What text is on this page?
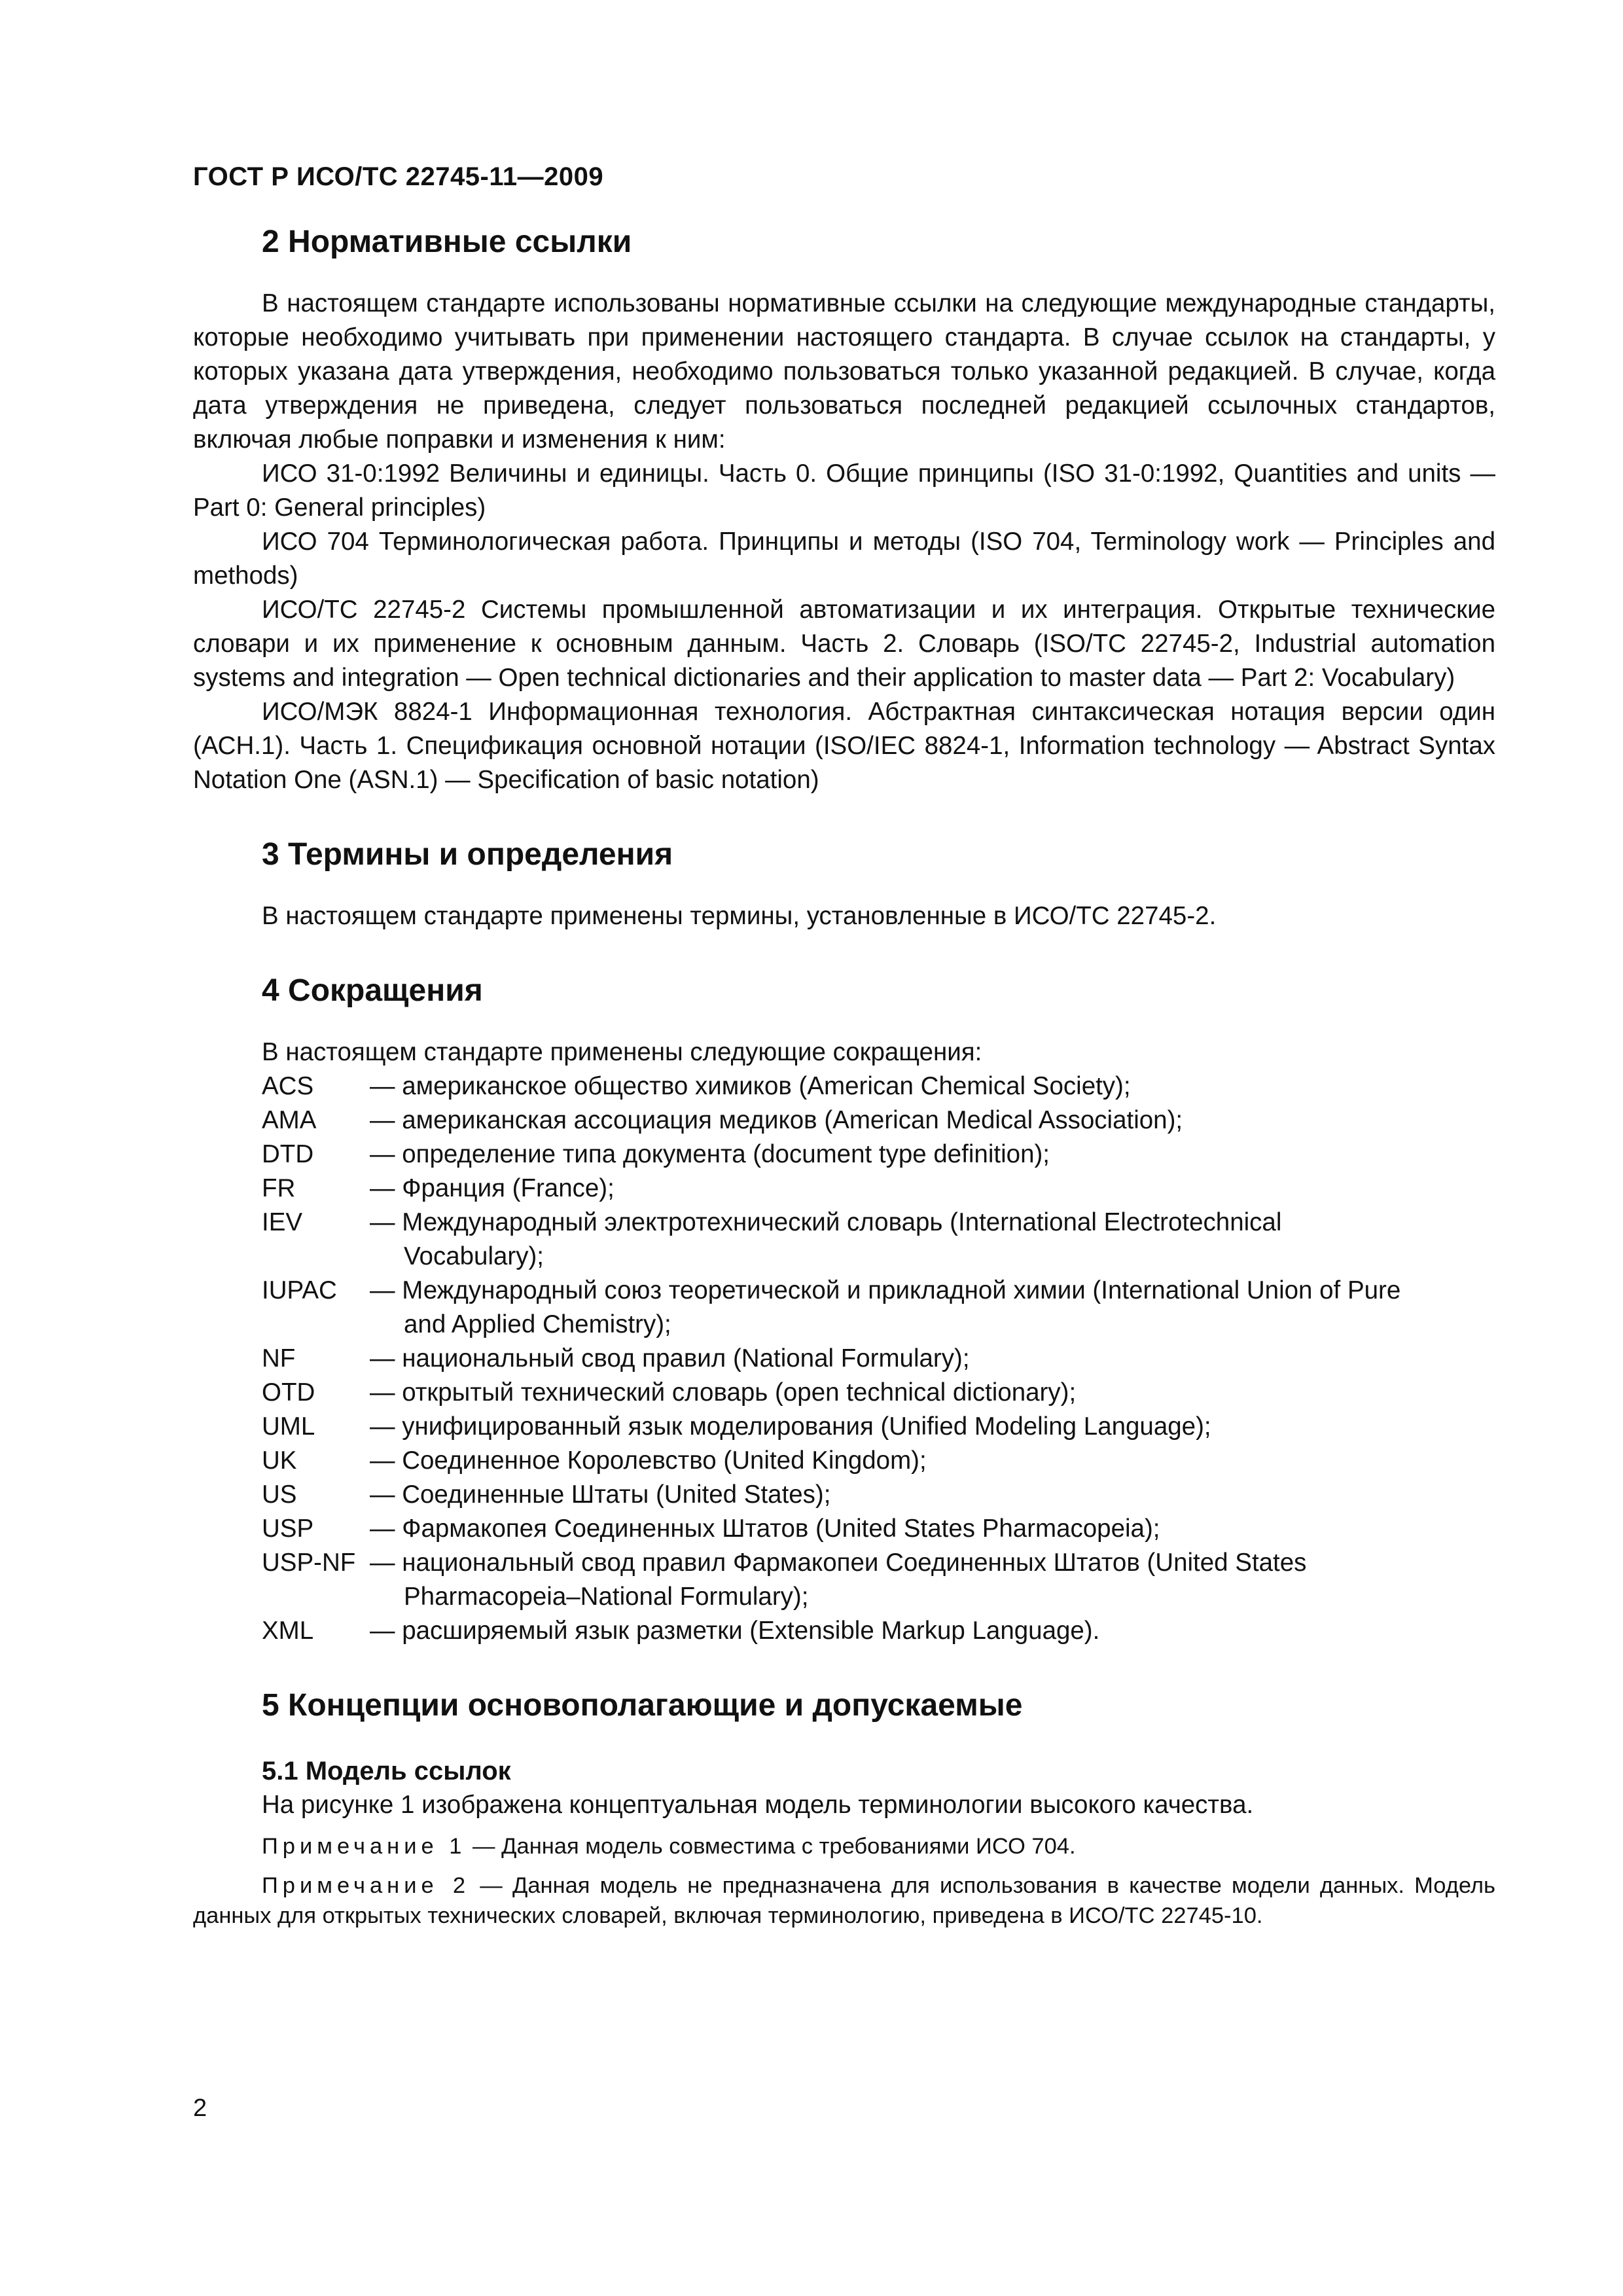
ГОСТ Р ИСО/ТС 22745-11—2009
2 Нормативные ссылки

В настоящем стандарте использованы нормативные ссылки на следующие международные стандарты, которые необходимо учитывать при применении настоящего стандарта. В случае ссылок на стандарты, у которых указана дата утверждения, необходимо пользоваться только указанной редакцией. В случае, когда дата утверждения не приведена, следует пользоваться последней редакцией ссылочных стандартов, включая любые поправки и изменения к ним:

ИСО 31-0:1992 Величины и единицы. Часть 0. Общие принципы (ISO 31-0:1992, Quantities and units — Part 0: General principles)

ИСО 704 Терминологическая работа. Принципы и методы (ISO 704, Terminology work — Principles and methods)

ИСО/ТС 22745-2 Системы промышленной автоматизации и их интеграция. Открытые технические словари и их применение к основным данным. Часть 2. Словарь (ISO/TC 22745-2, Industrial automation systems and integration — Open technical dictionaries and their application to master data — Part 2: Vocabulary)

ИСО/МЭК 8824-1 Информационная технология. Абстрактная синтаксическая нотация версии один (АСН.1). Часть 1. Спецификация основной нотации (ISO/IEC 8824-1, Information technology — Abstract Syntax Notation One (ASN.1) — Specification of basic notation)

3 Термины и определения

В настоящем стандарте применены термины, установленные в ИСО/ТС 22745-2.

4 Сокращения

В настоящем стандарте применены следующие сокращения:

ACS	— американское общество химиков (American Chemical Society);
AMA	— американская ассоциация медиков (American Medical Association);
DTD	— определение типа документа (document type definition);
FR	— Франция (France);
IEV	— Международный электротехнический словарь (International Electrotechnical Vocabulary);
IUPAC	— Международный союз теоретической и прикладной химии (International Union of Pure and Applied Chemistry);
NF	— национальный свод правил (National Formulary);
OTD	— открытый технический словарь (open technical dictionary);
UML	— унифицированный язык моделирования (Unified Modeling Language);
UK	— Соединенное Королевство (United Kingdom);
US	— Соединенные Штаты (United States);
USP	— Фармакопея Соединенных Штатов (United States Pharmacopeia);
USP-NF — национальный свод правил Фармакопеи Соединенных Штатов (United States Pharmacopeia–National Formulary);
XML	— расширяемый язык разметки (Extensible Markup Language).
5 Концепции основополагающие и допускаемые
5.1 Модель ссылок

На рисунке 1 изображена концептуальная модель терминологии высокого качества.

Примечание 1 — Данная модель совместима с требованиями ИСО 704.

Примечание 2 — Данная модель не предназначена для использования в качестве модели данных. Модель данных для открытых технических словарей, включая терминологию, приведена в ИСО/ТС 22745-10.

2
